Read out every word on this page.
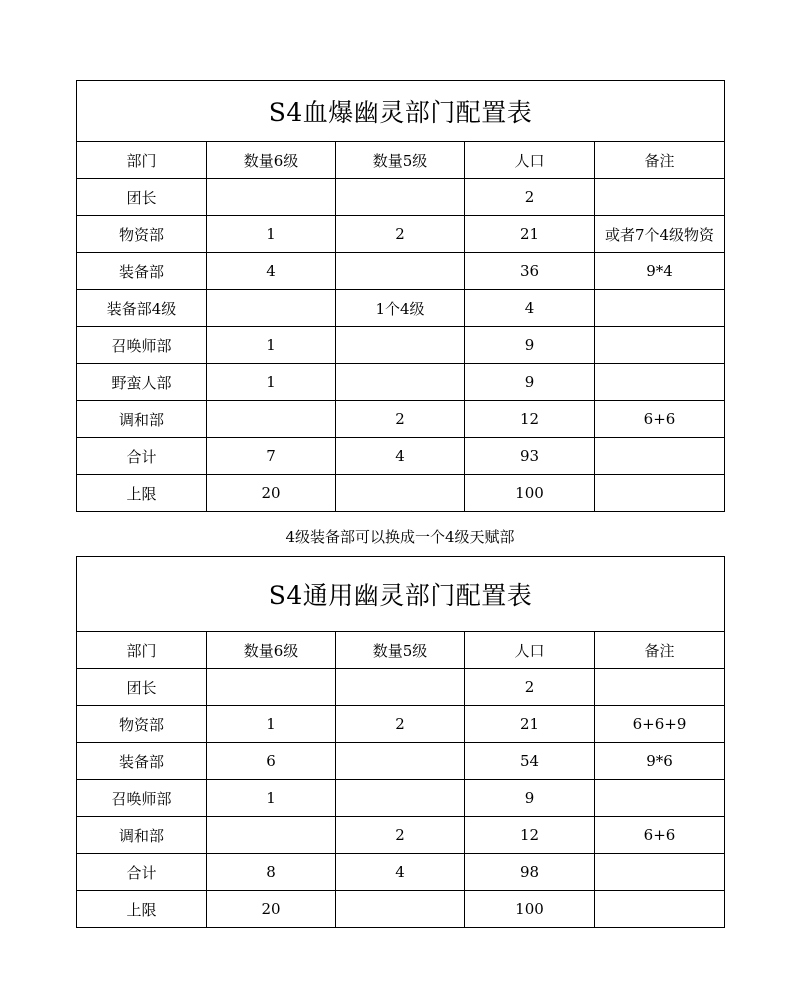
S4血爆幽灵部门配置表				
部门	数量6级	数量5级	人口	备注
团长			2	
物资部	1	2	21	或者7个4级物资
装备部	4		36	9*4
装备部4级		1个4级	4	
召唤师部	1		9	
野蛮人部	1		9	
调和部		2	12	6+6
合计	7	4	93	
上限	20		100	
4级装备部可以换成一个4级天赋部
S4通用幽灵部门配置表				
部门	数量6级	数量5级	人口	备注
团长			2	
物资部	1	2	21	6+6+9
装备部	6		54	9*6
召唤师部	1		9	
调和部		2	12	6+6
合计	8	4	98	
上限	20		100	
